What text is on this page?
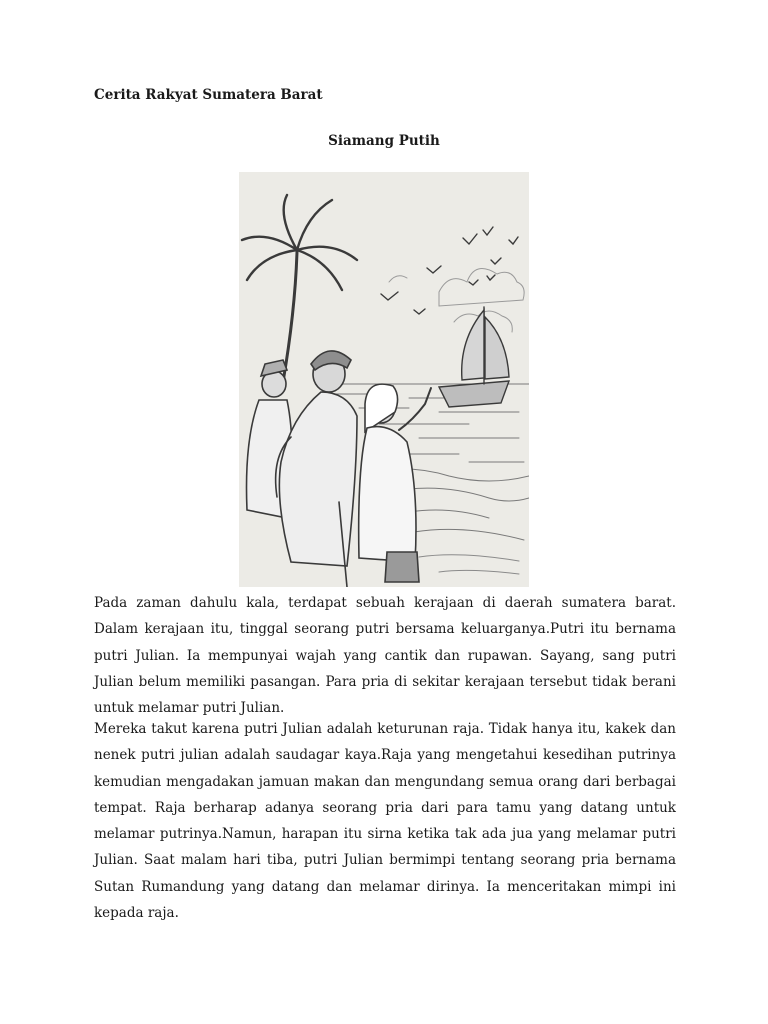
Cerita Rakyat Sumatera Barat
Siamang Putih

Pada zaman dahulu kala, terdapat sebuah kerajaan di daerah sumatera barat. Dalam kerajaan itu, tinggal seorang putri bersama keluarganya.Putri itu bernama putri Julian. Ia mempunyai wajah yang cantik dan rupawan. Sayang, sang putri Julian belum memiliki pasangan. Para pria di sekitar kerajaan tersebut tidak berani untuk melamar putri Julian.

Mereka takut karena putri Julian adalah keturunan raja. Tidak hanya itu, kakek dan nenek putri julian adalah saudagar kaya.Raja yang mengetahui kesedihan putrinya kemudian mengadakan jamuan makan dan mengundang semua orang dari berbagai tempat. Raja berharap adanya seorang pria dari para tamu yang datang untuk melamar putrinya.Namun, harapan itu sirna ketika tak ada jua yang melamar putri Julian. Saat malam hari tiba, putri Julian bermimpi tentang seorang pria bernama Sutan Rumandung yang datang dan melamar dirinya. Ia menceritakan mimpi ini kepada raja.
